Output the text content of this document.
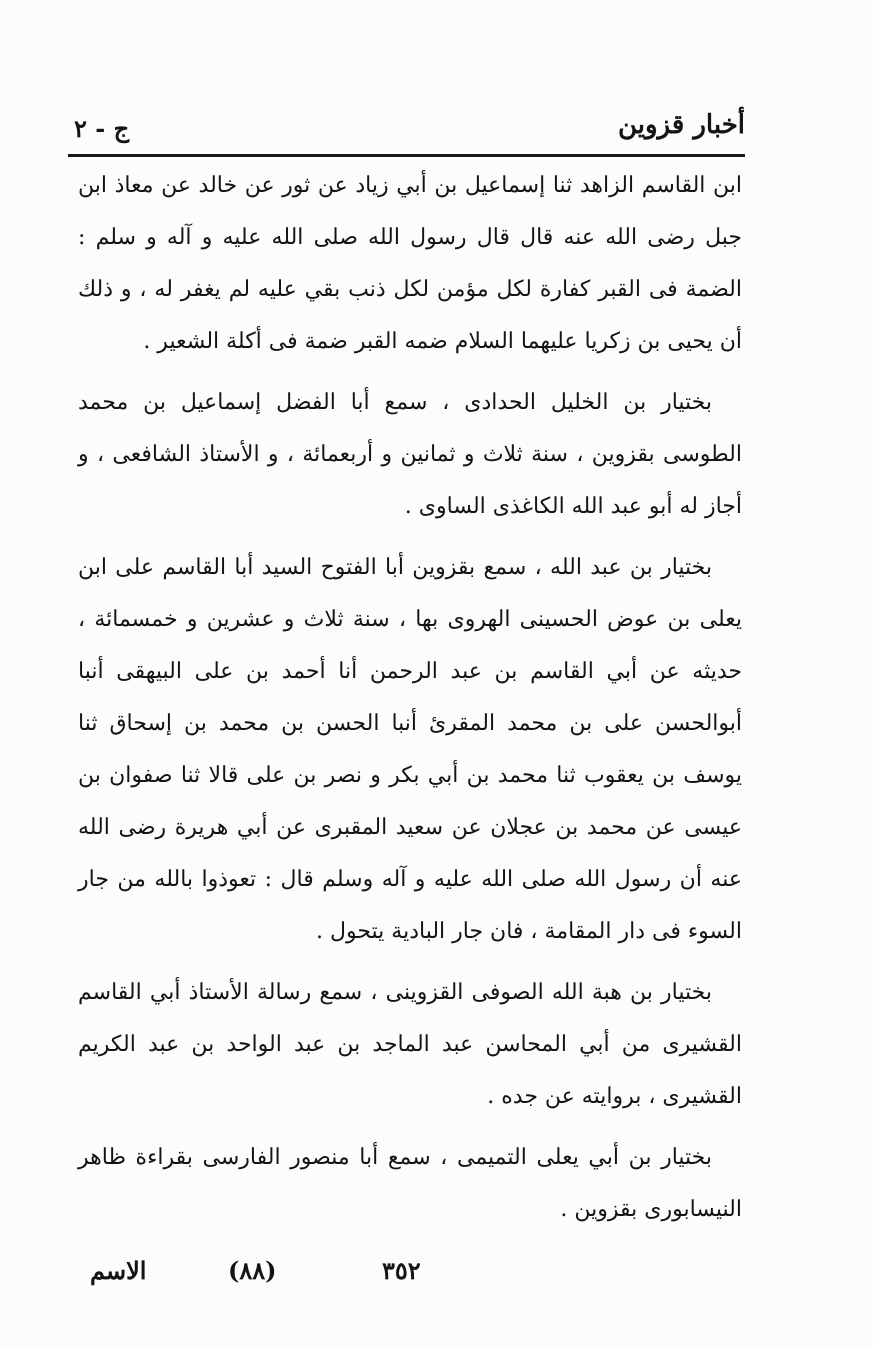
أخبار قزوين
ج - ٢

ابن القاسم الزاهد ثنا إسماعيل بن أبي زياد عن ثور عن خالد عن معاذ ابن جبل رضى الله عنه قال قال رسول الله صلى الله عليه و آله و سلم : الضمة فى القبر كفارة لكل مؤمن لكل ذنب بقي عليه لم يغفر له ، و ذلك أن يحيى بن زكريا عليهما السلام ضمه القبر ضمة فى أكلة الشعير .

بختيار بن الخليل الحدادى ، سمع أبا الفضل إسماعيل بن محمد الطوسى بقزوين ، سنة ثلاث و ثمانين و أربعمائة ، و الأستاذ الشافعى ، و أجاز له أبو عبد الله الكاغذى الساوى .

بختيار بن عبد الله ، سمع بقزوين أبا الفتوح السيد أبا القاسم على ابن يعلى بن عوض الحسينى الهروى بها ، سنة ثلاث و عشرين و خمسمائة ، حديثه عن أبي القاسم بن عبد الرحمن أنا أحمد بن على البيهقى أنبا أبوالحسن على بن محمد المقرئ أنبا الحسن بن محمد بن إسحاق ثنا يوسف بن يعقوب ثنا محمد بن أبي بكر و نصر بن على قالا ثنا صفوان بن عيسى عن محمد بن عجلان عن سعيد المقبرى عن أبي هريرة رضى الله عنه أن رسول الله صلى الله عليه و آله وسلم قال : تعوذوا بالله من جار السوء فى دار المقامة ، فان جار البادية يتحول .

بختيار بن هبة الله الصوفى القزوينى ، سمع رسالة الأستاذ أبي القاسم القشيرى من أبي المحاسن عبد الماجد بن عبد الواحد بن عبد الكريم القشيرى ، بروايته عن جده .

بختيار بن أبي يعلى التميمى ، سمع أبا منصور الفارسى بقراءة ظاهر النيسابورى بقزوين .

٣٥٢
(٨٨)
الاسم
